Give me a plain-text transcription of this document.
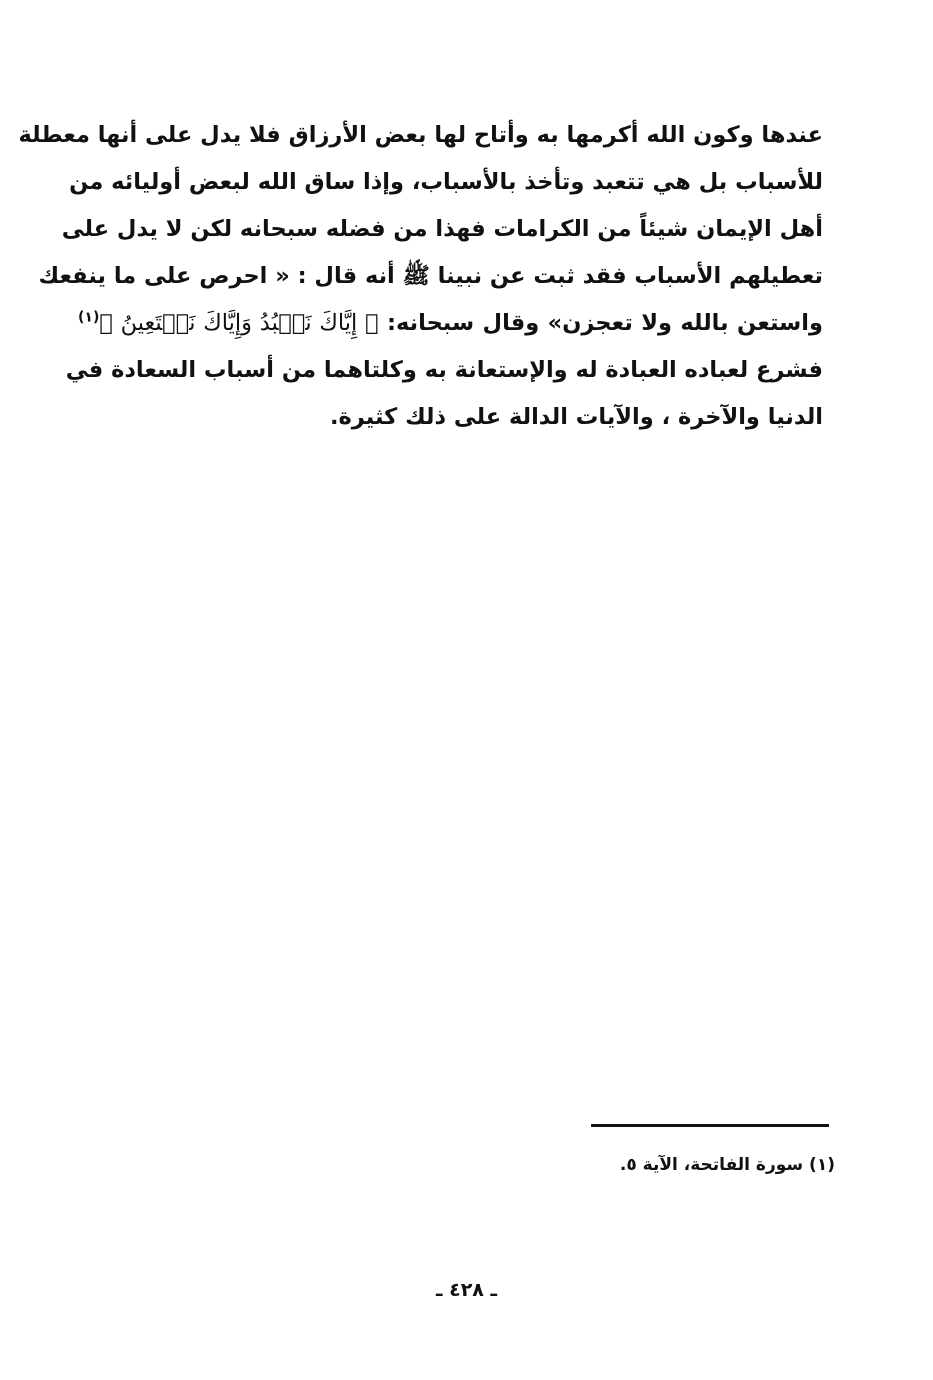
عندها وكون الله أكرمها به وأتاح لها بعض الأرزاق فلا يدل على أنها معطلة
للأسباب بل هي تتعبد وتأخذ بالأسباب، وإذا ساق الله لبعض أوليائه من
أهل الإيمان شيئاً من الكرامات فهذا من فضله سبحانه لكن لا يدل على
تعطيلهم الأسباب فقد ثبت عن نبينا ﷺ أنه قال : « احرص على ما ينفعك
واستعن بالله ولا تعجزن» وقال سبحانه: ﴿ إِيَّاكَ نَعۡبُدُ وَإِيَّاكَ نَسۡتَعِينُ ﴾$^{(١)}$
فشرع لعباده العبادة له والإستعانة به وكلتاهما من أسباب السعادة في
الدنيا والآخرة ، والآيات الدالة على ذلك كثيرة.
(١) سورة الفاتحة، الآية ٥.
ـ ٤٢٨ ـ
